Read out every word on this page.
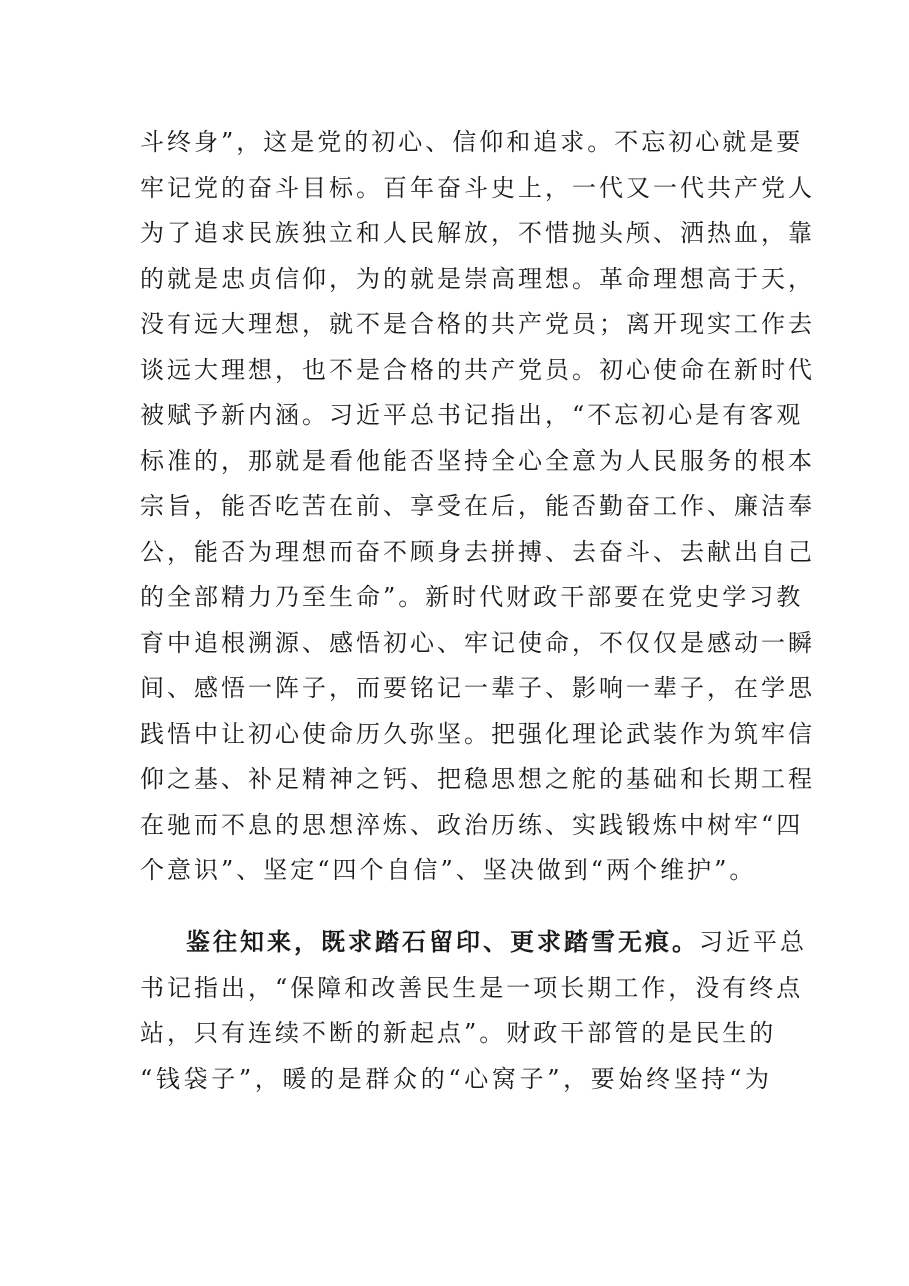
斗终身”，这是党的初心、信仰和追求。不忘初心就是要
牢记党的奋斗目标。百年奋斗史上，一代又一代共产党人
为了追求民族独立和人民解放，不惜抛头颅、洒热血，靠
的就是忠贞信仰，为的就是崇高理想。革命理想高于天，
没有远大理想，就不是合格的共产党员；离开现实工作去
谈远大理想，也不是合格的共产党员。初心使命在新时代
被赋予新内涵。习近平总书记指出，“不忘初心是有客观
标准的，那就是看他能否坚持全心全意为人民服务的根本
宗旨，能否吃苦在前、享受在后，能否勤奋工作、廉洁奉
公，能否为理想而奋不顾身去拼搏、去奋斗、去献出自己
的全部精力乃至生命”。新时代财政干部要在党史学习教
育中追根溯源、感悟初心、牢记使命，不仅仅是感动一瞬
间、感悟一阵子，而要铭记一辈子、影响一辈子，在学思
践悟中让初心使命历久弥坚。把强化理论武装作为筑牢信
仰之基、补足精神之钙、把稳思想之舵的基础和长期工程
在驰而不息的思想淬炼、政治历练、实践锻炼中树牢“四
个意识”、坚定“四个自信”、坚决做到“两个维护”。
鉴往知来，既求踏石留印、更求踏雪无痕。习近平总
书记指出，“保障和改善民生是一项长期工作，没有终点
站，只有连续不断的新起点”。财政干部管的是民生的
“钱袋子”，暖的是群众的“心窝子”，要始终坚持“为
